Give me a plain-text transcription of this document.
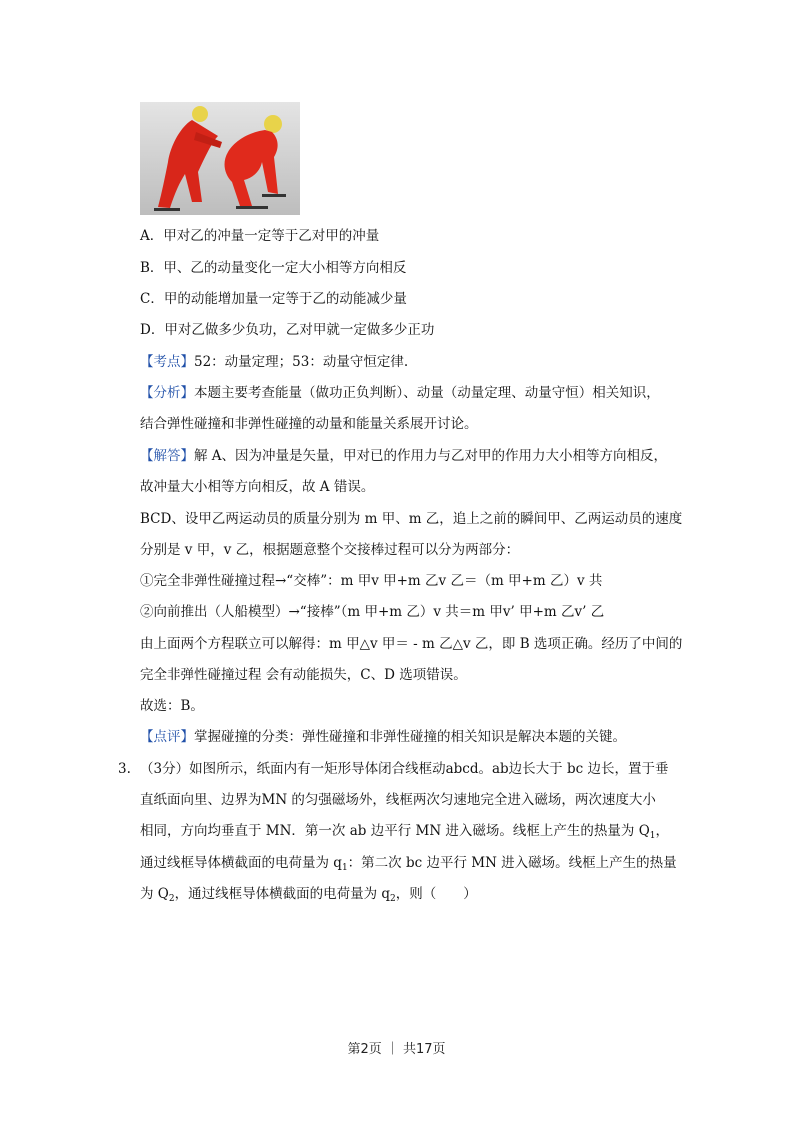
A．甲对乙的冲量一定等于乙对甲的冲量
B．甲、乙的动量变化一定大小相等方向相反
C．甲的动能增加量一定等于乙的动能减少量
D．甲对乙做多少负功，乙对甲就一定做多少正功
【考点】52：动量定理；53：动量守恒定律.
【分析】本题主要考查能量（做功正负判断）、动量（动量定理、动量守恒）相关知识，
结合弹性碰撞和非弹性碰撞的动量和能量关系展开讨论。
【解答】解 A、因为冲量是矢量，甲对已的作用力与乙对甲的作用力大小相等方向相反，
故冲量大小相等方向相反，故 A 错误。
BCD、设甲乙两运动员的质量分别为 m 甲、m 乙，追上之前的瞬间甲、乙两运动员的速度
分别是 v 甲，v 乙，根据题意整个交接棒过程可以分为两部分：
①完全非弹性碰撞过程→“交棒”：m 甲v 甲+m 乙v 乙＝（m 甲+m 乙）v 共
②向前推出（人船模型）→“接棒”（m 甲+m 乙）v 共＝m 甲v’ 甲+m 乙v’ 乙
由上面两个方程联立可以解得：m 甲△v 甲＝ - m 乙△v 乙，即 B 选项正确。经历了中间的
完全非弹性碰撞过程 会有动能损失，C、D 选项错误。
故选：B。
【点评】掌握碰撞的分类：弹性碰撞和非弹性碰撞的相关知识是解决本题的关键。
3. （3分）如图所示，纸面内有一矩形导体闭合线框动abcd。ab边长大于 bc 边长，置于垂
直纸面向里、边界为MN 的匀强磁场外，线框两次匀速地完全进入磁场，两次速度大小
相同，方向均垂直于 MN．第一次 ab 边平行 MN 进入磁场。线框上产生的热量为 $Q_1$，
通过线框导体横截面的电荷量为 $q_1$：第二次 bc 边平行 MN 进入磁场。线框上产生的热量
为 $Q_2$，通过线框导体横截面的电荷量为 $q_2$，则（　　）
第2页 ｜ 共17页
